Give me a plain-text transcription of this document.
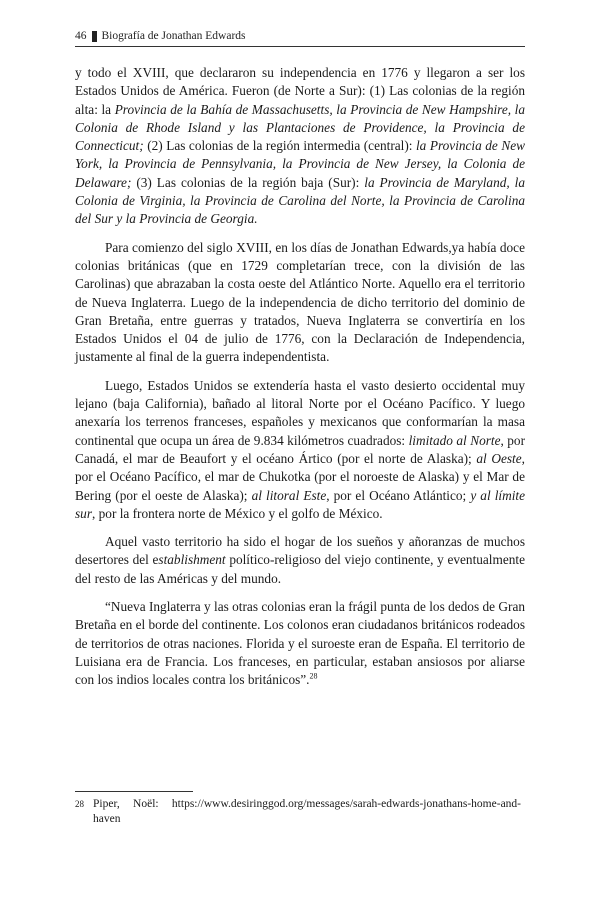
46 Biografía de Jonathan Edwards

y todo el XVIII, que declararon su independencia en 1776 y llegaron a ser los Estados Unidos de América. Fueron (de Norte a Sur): (1) Las colonias de la región alta: la Provincia de la Bahía de Massachusetts, la Provincia de New Hampshire, la Colonia de Rhode Island y las Plantaciones de Providence, la Provincia de Connecticut; (2) Las colonias de la región intermedia (central): la Provincia de New York, la Provincia de Pennsylvania, la Provincia de New Jersey, la Colonia de Delaware; (3) Las colonias de la región baja (Sur): la Provincia de Maryland, la Colonia de Virginia, la Provincia de Carolina del Norte, la Provincia de Carolina del Sur y la Provincia de Georgia.

Para comienzo del siglo XVIII, en los días de Jonathan Edwards,ya había doce colonias británicas (que en 1729 completarían trece, con la división de las Carolinas) que abrazaban la costa oeste del Atlántico Norte. Aquello era el territorio de Nueva Inglaterra. Luego de la independencia de dicho territorio del dominio de Gran Bretaña, entre guerras y tratados, Nueva Inglaterra se convertiría en los Estados Unidos el 04 de julio de 1776, con la Declaración de Independencia, justamente al final de la guerra independentista.

Luego, Estados Unidos se extendería hasta el vasto desierto occidental muy lejano (baja California), bañado al litoral Norte por el Océano Pacífico. Y luego anexaría los terrenos franceses, españoles y mexicanos que conformarían la masa continental que ocupa un área de 9.834 kilómetros cuadrados: limitado al Norte, por Canadá, el mar de Beaufort y el océano Ártico (por el norte de Alaska); al Oeste, por el Océano Pacífico, el mar de Chukotka (por el noroeste de Alaska) y el Mar de Bering (por el oeste de Alaska); al litoral Este, por el Océano Atlántico; y al límite sur, por la frontera norte de México y el golfo de México.

Aquel vasto territorio ha sido el hogar de los sueños y añoranzas de muchos desertores del establishment político-religioso del viejo continente, y eventualmente del resto de las Américas y del mundo.

“Nueva Inglaterra y las otras colonias eran la frágil punta de los dedos de Gran Bretaña en el borde del continente. Los colonos eran ciudadanos británicos rodeados de territorios de otras naciones. Florida y el suroeste eran de España. El territorio de Luisiana era de Francia. Los franceses, en particular, estaban ansiosos por aliarse con los indios locales contra los británicos”.$^{28}$

28 Piper, Noël: https://www.desiringgod.org/messages/sarah-edwards-jonathans-home-and-haven
